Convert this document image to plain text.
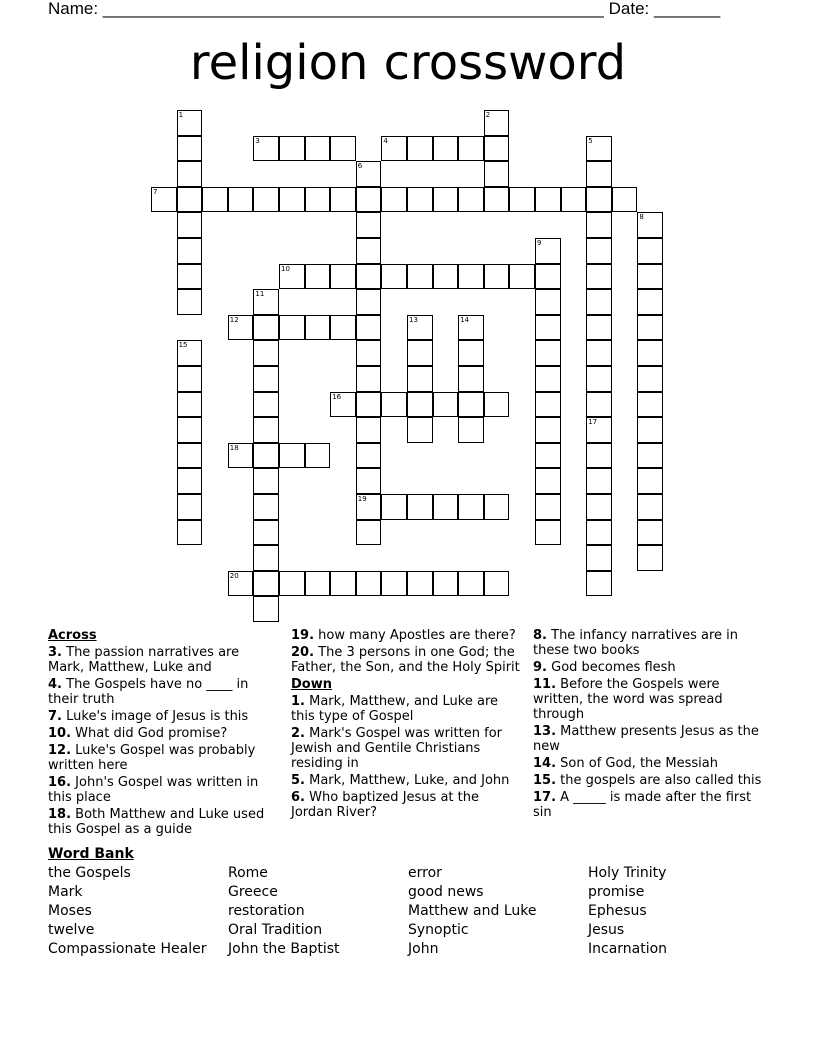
Name: _____________________________________________________ Date: _______
religion crossword
1	2
3	4	5
6
7
8
9
10
11
12	13	14
15
16
17
18
19
20
Across
3. The passion narratives are Mark, Matthew, Luke and
4. The Gospels have no ____ in their truth
7. Luke's image of Jesus is this
10. What did God promise?
12. Luke's Gospel was probably written here
16. John's Gospel was written in this place
18. Both Matthew and Luke used this Gospel as a guide
19. how many Apostles are there?
20. The 3 persons in one God; the Father, the Son, and the Holy Spirit
Down
1. Mark, Matthew, and Luke are this type of Gospel
2. Mark's Gospel was written for Jewish and Gentile Christians residing in
5. Mark, Matthew, Luke, and John
6. Who baptized Jesus at the Jordan River?
8. The infancy narratives are in these two books
9. God becomes flesh
11. Before the Gospels were written, the word was spread through
13. Matthew presents Jesus as the new
14. Son of God, the Messiah
15. the gospels are also called this
17. A _____ is made after the first sin
Word Bank
the Gospels	Rome	error	Holy Trinity
Mark	Greece	good news	promise
Moses	restoration	Matthew and Luke	Ephesus
twelve	Oral Tradition	Synoptic	Jesus
Compassionate Healer	John the Baptist	John	Incarnation
